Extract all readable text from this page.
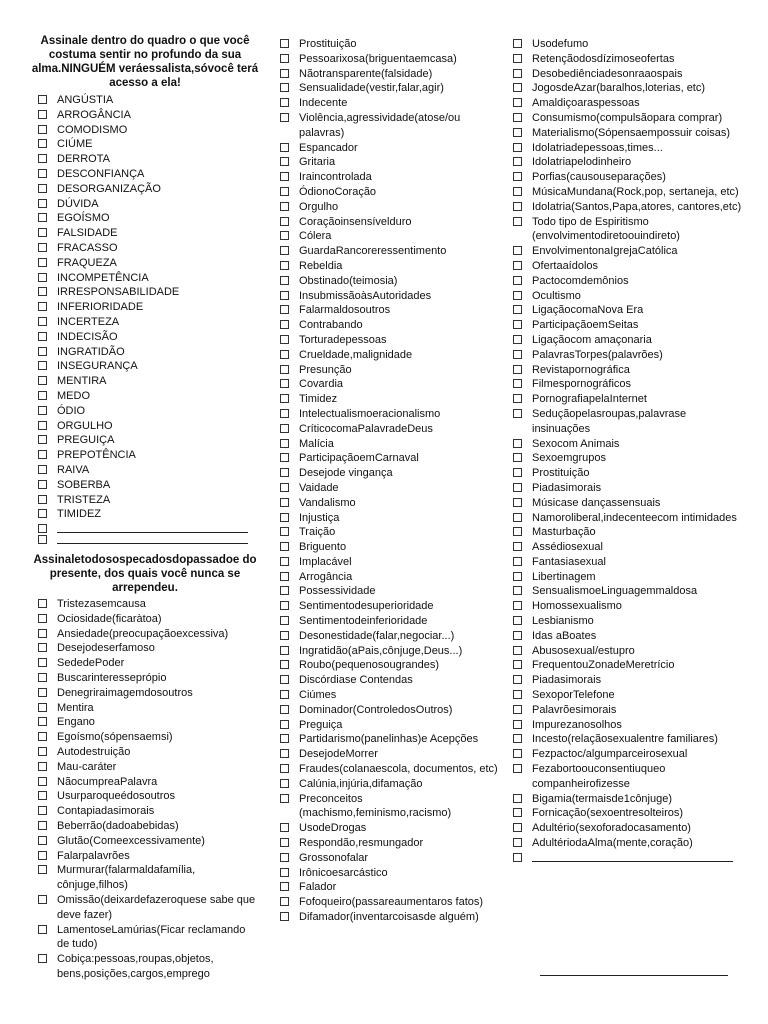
Assinale dentro do quadro o que você costuma sentir no profundo da sua alma.NINGUÉM veráessalista,sóvocê terá acesso a ela!
ANGÚSTIA
ARROGÂNCIA
COMODISMO
CIÚME
DERROTA
DESCONFIANÇA
DESORGANIZAÇÃO
DÚVIDA
EGOÍSMO
FALSIDADE
FRACASSO
FRAQUEZA
INCOMPETÊNCIA
IRRESPONSABILIDADE
INFERIORIDADE
INCERTEZA
INDECISÃO
INGRATIDÃO
INSEGURANÇA
MENTIRA
MEDO
ÓDIO
ORGULHO
PREGUIÇA
PREPOTÊNCIA
RAIVA
SOBERBA
TRISTEZA
TIMIDEZ
Assinaletodosospecadosdopassadoe do presente, dos quais você nunca se arrependeu.
Tristezasemcausa
Ociosidade(ficaràtoa)
Ansiedade(preocupaçãoexcessiva)
Desejodeserfamoso
SededePoder
Buscarinteresseprópio
Denegriraimagemdosoutros
Mentira
Engano
Egoísmo(sópensaemsi)
Autodestruição
Mau-caráter
NãocumpreaPalavra
Usurparoqueédosoutros
Contapiadasimorais
Beberrão(dadoabebidas)
Glutão(Comeexcessivamente)
Falarpalavrões
Murmurar(falarmaldafamília, cônjuge,filhos)
Omissão(deixardefazeroquese sabe que deve fazer)
LamentoseLamúrias(Ficar reclamando de tudo)
Cobiça:pessoas,roupas,objetos, bens,posições,cargos,emprego
Prostituição
Pessoarixosa(briguentaemcasa)
Nãotransparente(falsidade)
Sensualidade(vestir,falar,agir)
Indecente
Violência,agressividade(atose/ou palavras)
Espancador
Gritaria
Iraincontrolada
ÓdionoCoração
Orgulho
Coraçãoinsensívelduro
Cólera
GuardaRancoreressentimento
Rebeldia
Obstinado(teimosia)
InsubmissãoàsAutoridades
Falarmaldosoutros
Contrabando
Torturadepessoas
Crueldade,malignidade
Presunção
Covardia
Timidez
Intelectualismoeracionalismo
CríticocomaPalavradeDeus
Malícia
ParticipaçãoemCarnaval
Desejode vingança
Vaidade
Vandalismo
Injustiça
Traição
Briguento
Implacável
Arrogância
Possessividade
Sentimentodesuperioridade
Sentimentodeinferioridade
Desonestidade(falar,negociar...)
Ingratidão(aPais,cônjuge,Deus...)
Roubo(pequenosougrandes)
Discórdiase Contendas
Ciúmes
Dominador(ControledosOutros)
Preguiça
Partidarismo(panelinhas)e Acepções
DesejodeMorrer
Fraudes(colanaescola, documentos, etc)
Calúnia,injúria,difamação
Preconceitos (machismo,feminismo,racismo)
UsodeDrogas
Respondão,resmungador
Grossonofalar
Irônicoesarcástico
Falador
Fofoqueiro(passareaumentaros fatos)
Difamador(inventarcoisasde alguém)
Usodefumo
Retençãodosdízimoseofertas
Desobediênciadesonraaospais
JogosdeAzar(baralhos,loterias, etc)
Amaldiçoaraspessoas
Consumismo(compulsãopara comprar)
Materialismo(Sópensaempossuir coisas)
Idolatriadepessoas,times...
Idolatriapelodinheiro
Porfias(causouseparações)
MúsicaMundana(Rock,pop, sertaneja, etc)
Idolatria(Santos,Papa,atores, cantores,etc)
Todo tipo de Espiritismo (envolvimentodiretoouindireto)
EnvolvimentonaIgrejaCatólica
Ofertaaídolos
Pactocomdemônios
Ocultismo
LigaçãocomaNova Era
ParticipaçãoemSeitas
Ligaçãocom amaçonaria
PalavrasTorpes(palavrões)
Revistapornográfica
Filmespornográficos
PornografiapelaInternet
Seduçãopelasroupas,palavrase insinuações
Sexocom Animais
Sexoemgrupos
Prostituição
Piadasimorais
Músicase dançassensuais
Namoroliberal,indecenteecom intimidades
Masturbação
Assédiosexual
Fantasiasexual
Libertinagem
SensualismoeLinguagemmaldosa
Homossexualismo
Lesbianismo
Idas aBoates
Abusosexual/estupro
FrequentouZonadeMeretrício
Piadasimorais
SexoporTelefone
Palavrõesimorais
Impurezanosolhos
Incesto(relaçãosexualentre familiares)
Fezpactoc/algumparceirosexual
Fezabortoouconsentiuqueo companheirofizesse
Bigamia(termaisde1cônjuge)
Fornicação(sexoentresolteiros)
Adultério(sexoforadocasamento)
AdultériodaAlma(mente,coração)
